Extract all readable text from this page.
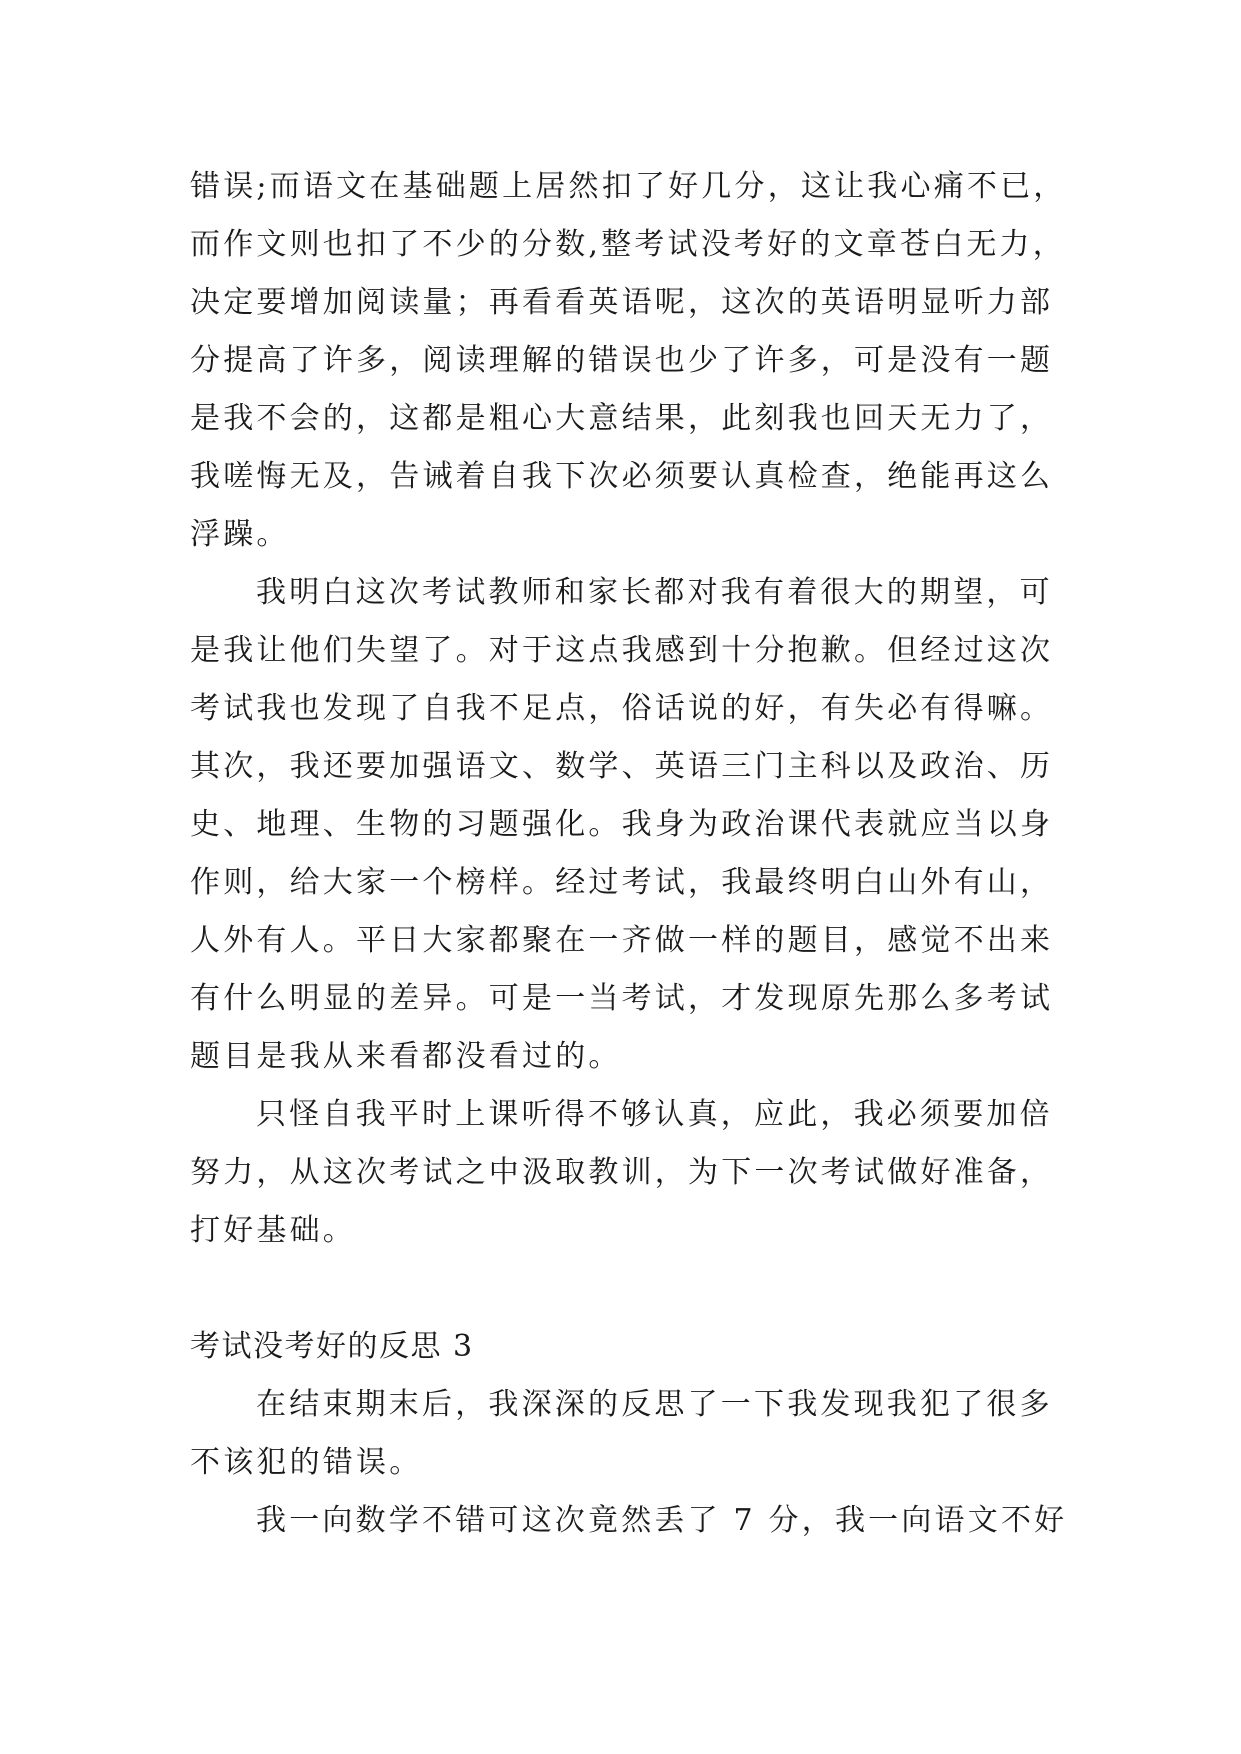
错误;而语文在基础题上居然扣了好几分，这让我心痛不已，
而作文则也扣了不少的分数,整考试没考好的文章苍白无力，
决定要增加阅读量；再看看英语呢，这次的英语明显听力部
分提高了许多，阅读理解的错误也少了许多，可是没有一题
是我不会的，这都是粗心大意结果，此刻我也回天无力了，
我嗟悔无及，告诫着自我下次必须要认真检查，绝能再这么
浮躁。
我明白这次考试教师和家长都对我有着很大的期望，可
是我让他们失望了。对于这点我感到十分抱歉。但经过这次
考试我也发现了自我不足点，俗话说的好，有失必有得嘛。
其次，我还要加强语文、数学、英语三门主科以及政治、历
史、地理、生物的习题强化。我身为政治课代表就应当以身
作则，给大家一个榜样。经过考试，我最终明白山外有山，
人外有人。平日大家都聚在一齐做一样的题目，感觉不出来
有什么明显的差异。可是一当考试，才发现原先那么多考试
题目是我从来看都没看过的。
只怪自我平时上课听得不够认真，应此，我必须要加倍
努力，从这次考试之中汲取教训，为下一次考试做好准备，
打好基础。
考试没考好的反思 3
在结束期末后，我深深的反思了一下我发现我犯了很多
不该犯的错误。
我一向数学不错可这次竟然丢了 7 分，我一向语文不好
